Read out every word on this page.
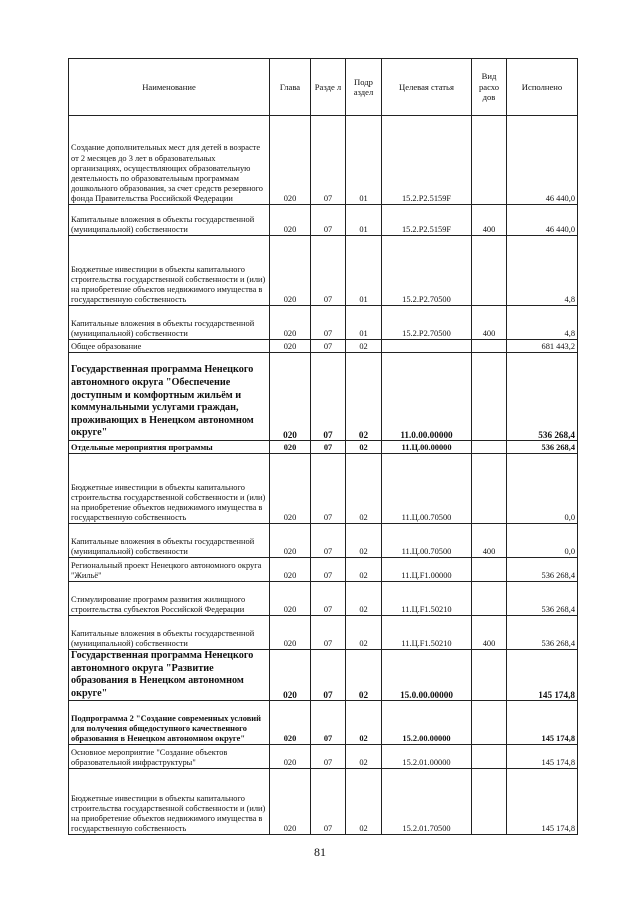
Наименование	Глава	Разде л	Подр аздел	Целевая статья	Вид расхо дов	Исполнено
Создание дополнительных мест для детей в возрасте от 2 месяцев до 3 лет в образовательных организациях, осуществляющих образовательную деятельность по образовательным программам дошкольного образования, за счет средств резервного фонда Правительства Российской Федерации	020	07	01	15.2.P2.5159F		46 440,0
Капитальные вложения в объекты государственной (муниципальной) собственности	020	07	01	15.2.P2.5159F	400	46 440,0
Бюджетные инвестиции в объекты капитального строительства государственной собственности и (или) на приобретение объектов недвижимого имущества в государственную собственность	020	07	01	15.2.P2.70500		4,8
Капитальные вложения в объекты государственной (муниципальной) собственности	020	07	01	15.2.P2.70500	400	4,8
Общее образование	020	07	02			681 443,2
Государственная программа Ненецкого автономного округа "Обеспечение доступным и комфортным жильём и коммунальными услугами граждан, проживающих в Ненецком автономном округе"	020	07	02	11.0.00.00000		536 268,4
Отдельные мероприятия программы	020	07	02	11.Ц.00.00000		536 268,4
Бюджетные инвестиции в объекты капитального строительства государственной собственности и (или) на приобретение объектов недвижимого имущества в государственную собственность	020	07	02	11.Ц.00.70500		0,0
Капитальные вложения в объекты государственной (муниципальной) собственности	020	07	02	11.Ц.00.70500	400	0,0
Региональный проект Ненецкого автономного округа "Жильё"	020	07	02	11.Ц.F1.00000		536 268,4
Стимулирование программ развития жилищного строительства субъектов Российской Федерации	020	07	02	11.Ц.F1.50210		536 268,4
Капитальные вложения в объекты государственной (муниципальной) собственности	020	07	02	11.Ц.F1.50210	400	536 268,4
Государственная программа Ненецкого автономного округа "Развитие образования в Ненецком автономном округе"	020	07	02	15.0.00.00000		145 174,8
Подпрограмма 2 "Создание современных условий для получения общедоступного качественного образования в Ненецком автономном округе"	020	07	02	15.2.00.00000		145 174,8
Основное мероприятие "Создание объектов образовательной инфраструктуры"	020	07	02	15.2.01.00000		145 174,8
Бюджетные инвестиции в объекты капитального строительства государственной собственности и (или) на приобретение объектов недвижимого имущества в государственную собственность	020	07	02	15.2.01.70500		145 174,8
81
